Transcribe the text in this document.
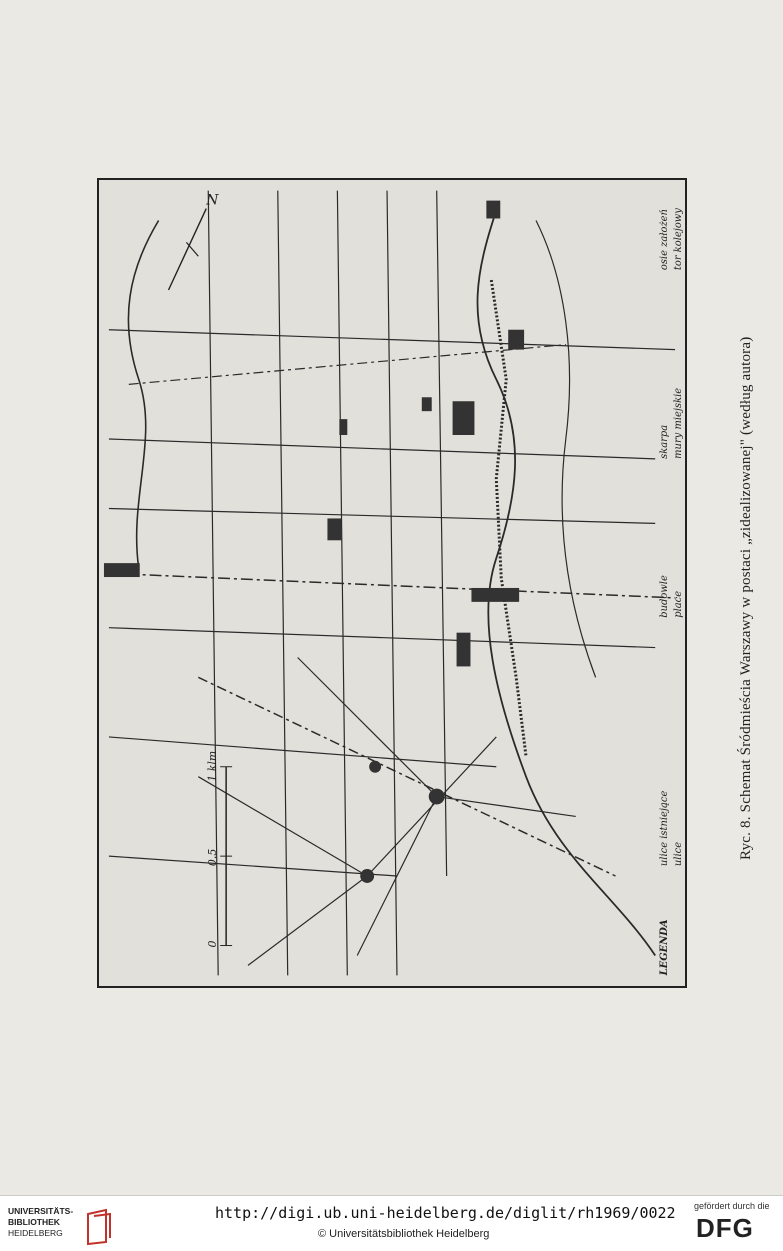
N
0
0.5
1 klm
LEGENDA
ulice istniejące ulice
budowle place
skarpa mury miejskie
osie założeń tor kolejowy
Ryc. 8. Schemat Śródmieścia Warszawy w postaci „zidealizowanej" (według autora)
UNIVERSITÄTS-
BIBLIOTHEK
HEIDELBERG
http://digi.ub.uni-heidelberg.de/diglit/rh1969/0022
© Universitätsbibliothek Heidelberg
gefördert durch die
DFG
